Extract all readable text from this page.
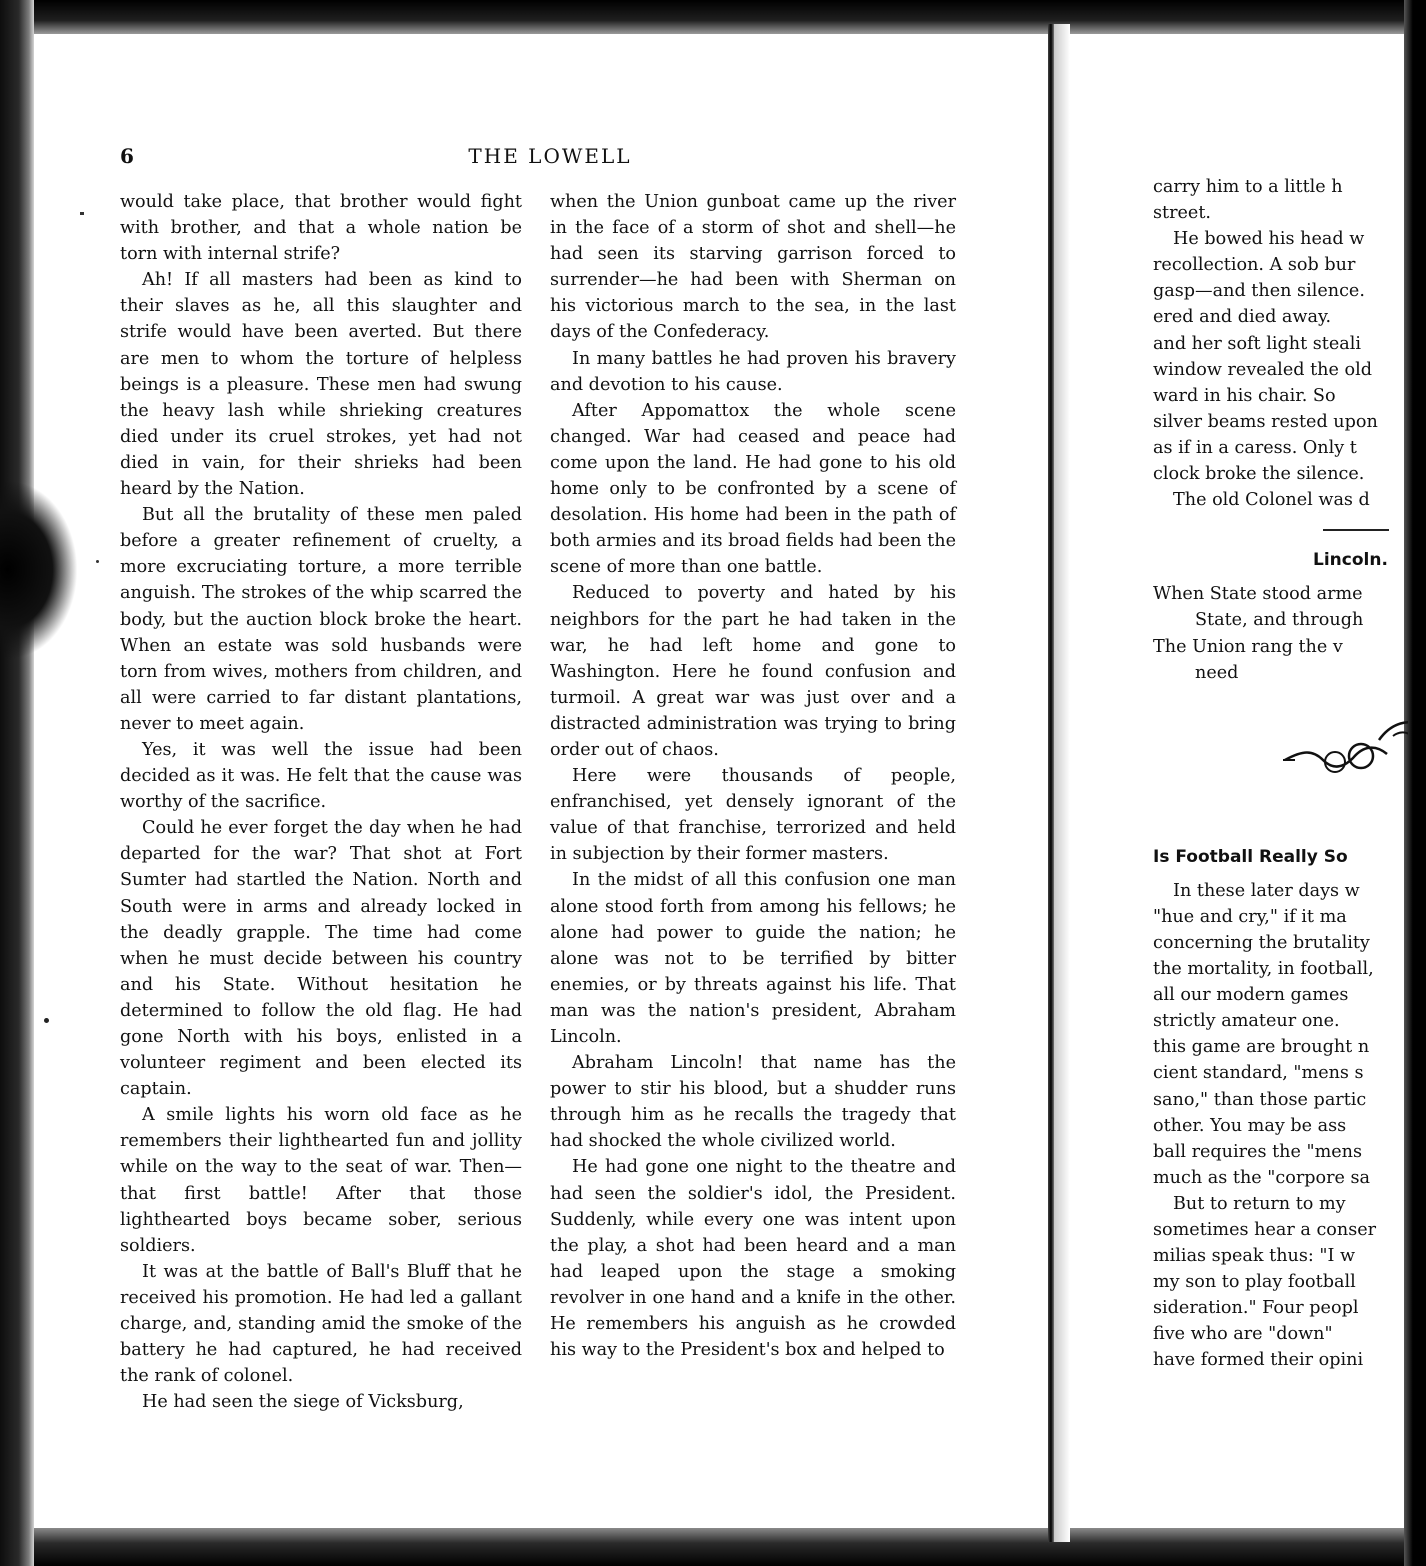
6	THE LOWELL

would take place, that brother would fight with brother, and that a whole nation be torn with internal strife?

Ah! If all masters had been as kind to their slaves as he, all this slaughter and strife would have been averted. But there are men to whom the torture of helpless beings is a pleasure. These men had swung the heavy lash while shrieking creatures died under its cruel strokes, yet had not died in vain, for their shrieks had been heard by the Nation.

But all the brutality of these men paled before a greater refinement of cruelty, a more excruciating torture, a more terrible anguish. The strokes of the whip scarred the body, but the auction block broke the heart. When an estate was sold husbands were torn from wives, mothers from children, and all were carried to far distant plantations, never to meet again.

Yes, it was well the issue had been decided as it was. He felt that the cause was worthy of the sacrifice.

Could he ever forget the day when he had departed for the war? That shot at Fort Sumter had startled the Nation. North and South were in arms and already locked in the deadly grapple. The time had come when he must decide between his country and his State. Without hesitation he determined to follow the old flag. He had gone North with his boys, enlisted in a volunteer regiment and been elected its captain.

A smile lights his worn old face as he remembers their lighthearted fun and jollity while on the way to the seat of war. Then— that first battle! After that those lighthearted boys became sober, serious soldiers.

It was at the battle of Ball's Bluff that he received his promotion. He had led a gallant charge, and, standing amid the smoke of the battery he had captured, he had received the rank of colonel.

He had seen the siege of Vicksburg,

when the Union gunboat came up the river in the face of a storm of shot and shell—he had seen its starving garrison forced to surrender—he had been with Sherman on his victorious march to the sea, in the last days of the Confederacy.

In many battles he had proven his bravery and devotion to his cause.

After Appomattox the whole scene changed. War had ceased and peace had come upon the land. He had gone to his old home only to be confronted by a scene of desolation. His home had been in the path of both armies and its broad fields had been the scene of more than one battle.

Reduced to poverty and hated by his neighbors for the part he had taken in the war, he had left home and gone to Washington. Here he found confusion and turmoil. A great war was just over and a distracted administration was trying to bring order out of chaos.

Here were thousands of people, enfranchised, yet densely ignorant of the value of that franchise, terrorized and held in subjection by their former masters.

In the midst of all this confusion one man alone stood forth from among his fellows; he alone had power to guide the nation; he alone was not to be terrified by bitter enemies, or by threats against his life. That man was the nation's president, Abraham Lincoln.

Abraham Lincoln! that name has the power to stir his blood, but a shudder runs through him as he recalls the tragedy that had shocked the whole civilized world.

He had gone one night to the theatre and had seen the soldier's idol, the President. Suddenly, while every one was intent upon the play, a shot had been heard and a man had leaped upon the stage a smoking revolver in one hand and a knife in the other. He remembers his anguish as he crowded his way to the President's box and helped to

carry him to a little h
street.
He bowed his head w
recollection. A sob bur
gasp—and then silence.
ered and died away.
and her soft light steali
window revealed the old
ward in his chair. So
silver beams rested upon
as if in a caress. Only t
clock broke the silence.
The old Colonel was d
Lincoln.

When State stood arme

State, and through

The Union rang the v

need

Is Football Really So
In these later days w
"hue and cry," if it ma
concerning the brutality
the mortality, in football,
all our modern games
strictly amateur one.
this game are brought n
cient standard, "mens s
sano," than those partic
other. You may be ass
ball requires the "mens
much as the "corpore sa
But to return to my
sometimes hear a conser
milias speak thus: "I w
my son to play football
sideration." Four peopl
five who are "down"
have formed their opini
